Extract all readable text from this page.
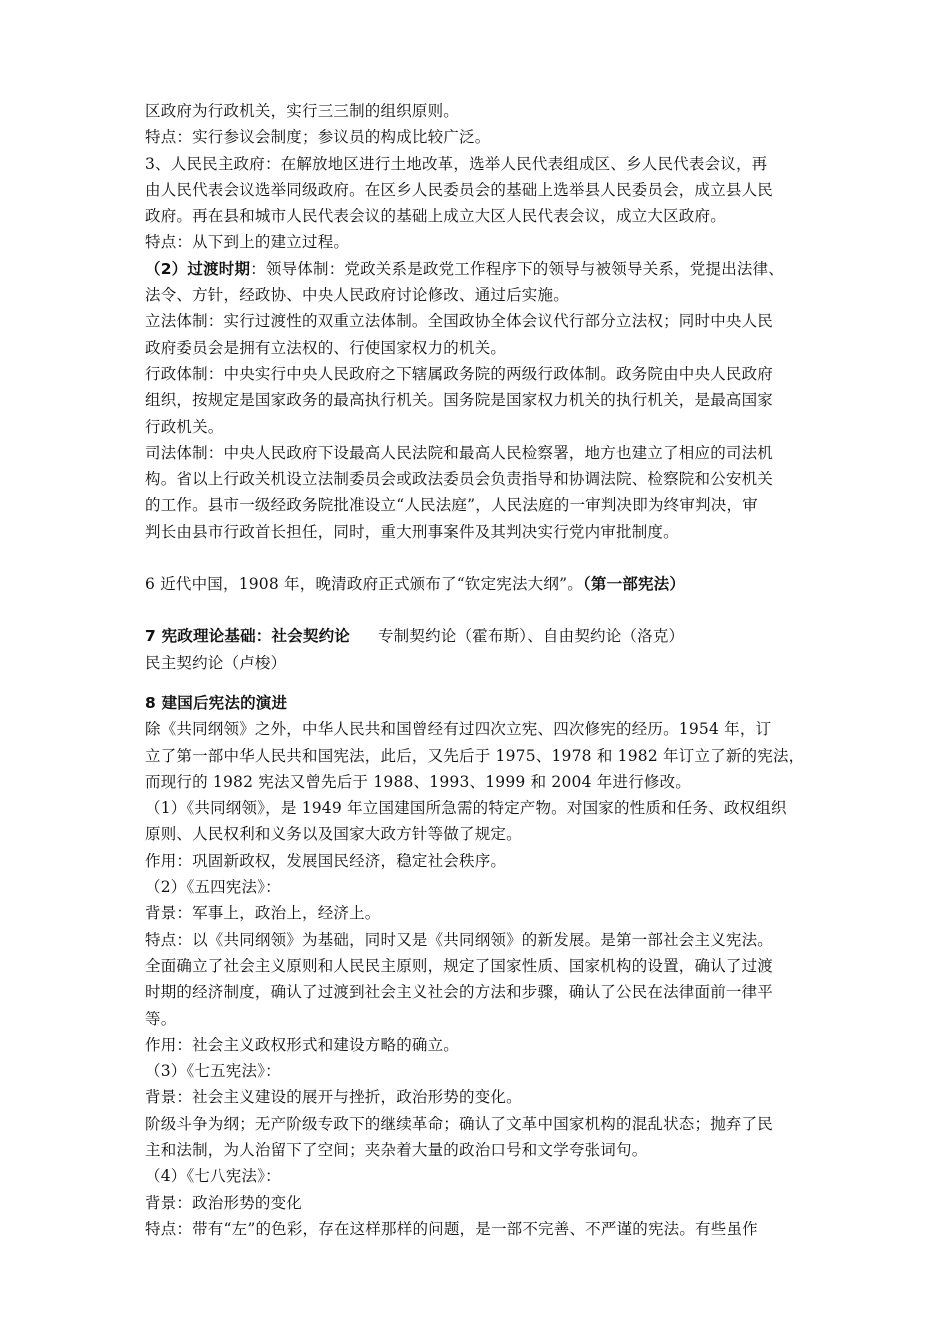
区政府为行政机关，实行三三制的组织原则。
特点：实行参议会制度；参议员的构成比较广泛。
3、人民民主政府：在解放地区进行土地改革，选举人民代表组成区、乡人民代表会议，再
由人民代表会议选举同级政府。在区乡人民委员会的基础上选举县人民委员会，成立县人民
政府。再在县和城市人民代表会议的基础上成立大区人民代表会议，成立大区政府。
特点：从下到上的建立过程。
（2）过渡时期：领导体制：党政关系是政党工作程序下的领导与被领导关系，党提出法律、
法令、方针，经政协、中央人民政府讨论修改、通过后实施。
立法体制：实行过渡性的双重立法体制。全国政协全体会议代行部分立法权；同时中央人民
政府委员会是拥有立法权的、行使国家权力的机关。
行政体制：中央实行中央人民政府之下辖属政务院的两级行政体制。政务院由中央人民政府
组织，按规定是国家政务的最高执行机关。国务院是国家权力机关的执行机关，是最高国家
行政机关。
司法体制：中央人民政府下设最高人民法院和最高人民检察署，地方也建立了相应的司法机
构。省以上行政关机设立法制委员会或政法委员会负责指导和协调法院、检察院和公安机关
的工作。县市一级经政务院批准设立“人民法庭”，人民法庭的一审判决即为终审判决，审
判长由县市行政首长担任，同时，重大刑事案件及其判决实行党内审批制度。
6 近代中国，1908 年，晚清政府正式颁布了“钦定宪法大纲”。（第一部宪法）
7 宪政理论基础：社会契约论 专制契约论（霍布斯）、自由契约论（洛克）
民主契约论（卢梭）
8 建国后宪法的演进
除《共同纲领》之外，中华人民共和国曾经有过四次立宪、四次修宪的经历。1954 年，订
立了第一部中华人民共和国宪法，此后，又先后于 1975、1978 和 1982 年订立了新的宪法，
而现行的 1982 宪法又曾先后于 1988、1993、1999 和 2004 年进行修改。
（1）《共同纲领》，是 1949 年立国建国所急需的特定产物。对国家的性质和任务、政权组织
原则、人民权利和义务以及国家大政方针等做了规定。
作用：巩固新政权，发展国民经济，稳定社会秩序。
（2）《五四宪法》：
背景：军事上，政治上，经济上。
特点：以《共同纲领》为基础，同时又是《共同纲领》的新发展。是第一部社会主义宪法。
全面确立了社会主义原则和人民民主原则，规定了国家性质、国家机构的设置，确认了过渡
时期的经济制度，确认了过渡到社会主义社会的方法和步骤，确认了公民在法律面前一律平
等。
作用：社会主义政权形式和建设方略的确立。
（3）《七五宪法》：
背景：社会主义建设的展开与挫折，政治形势的变化。
阶级斗争为纲；无产阶级专政下的继续革命；确认了文革中国家机构的混乱状态；抛弃了民
主和法制，为人治留下了空间；夹杂着大量的政治口号和文学夸张词句。
（4）《七八宪法》：
背景：政治形势的变化
特点：带有“左”的色彩，存在这样那样的问题，是一部不完善、不严谨的宪法。有些虽作
